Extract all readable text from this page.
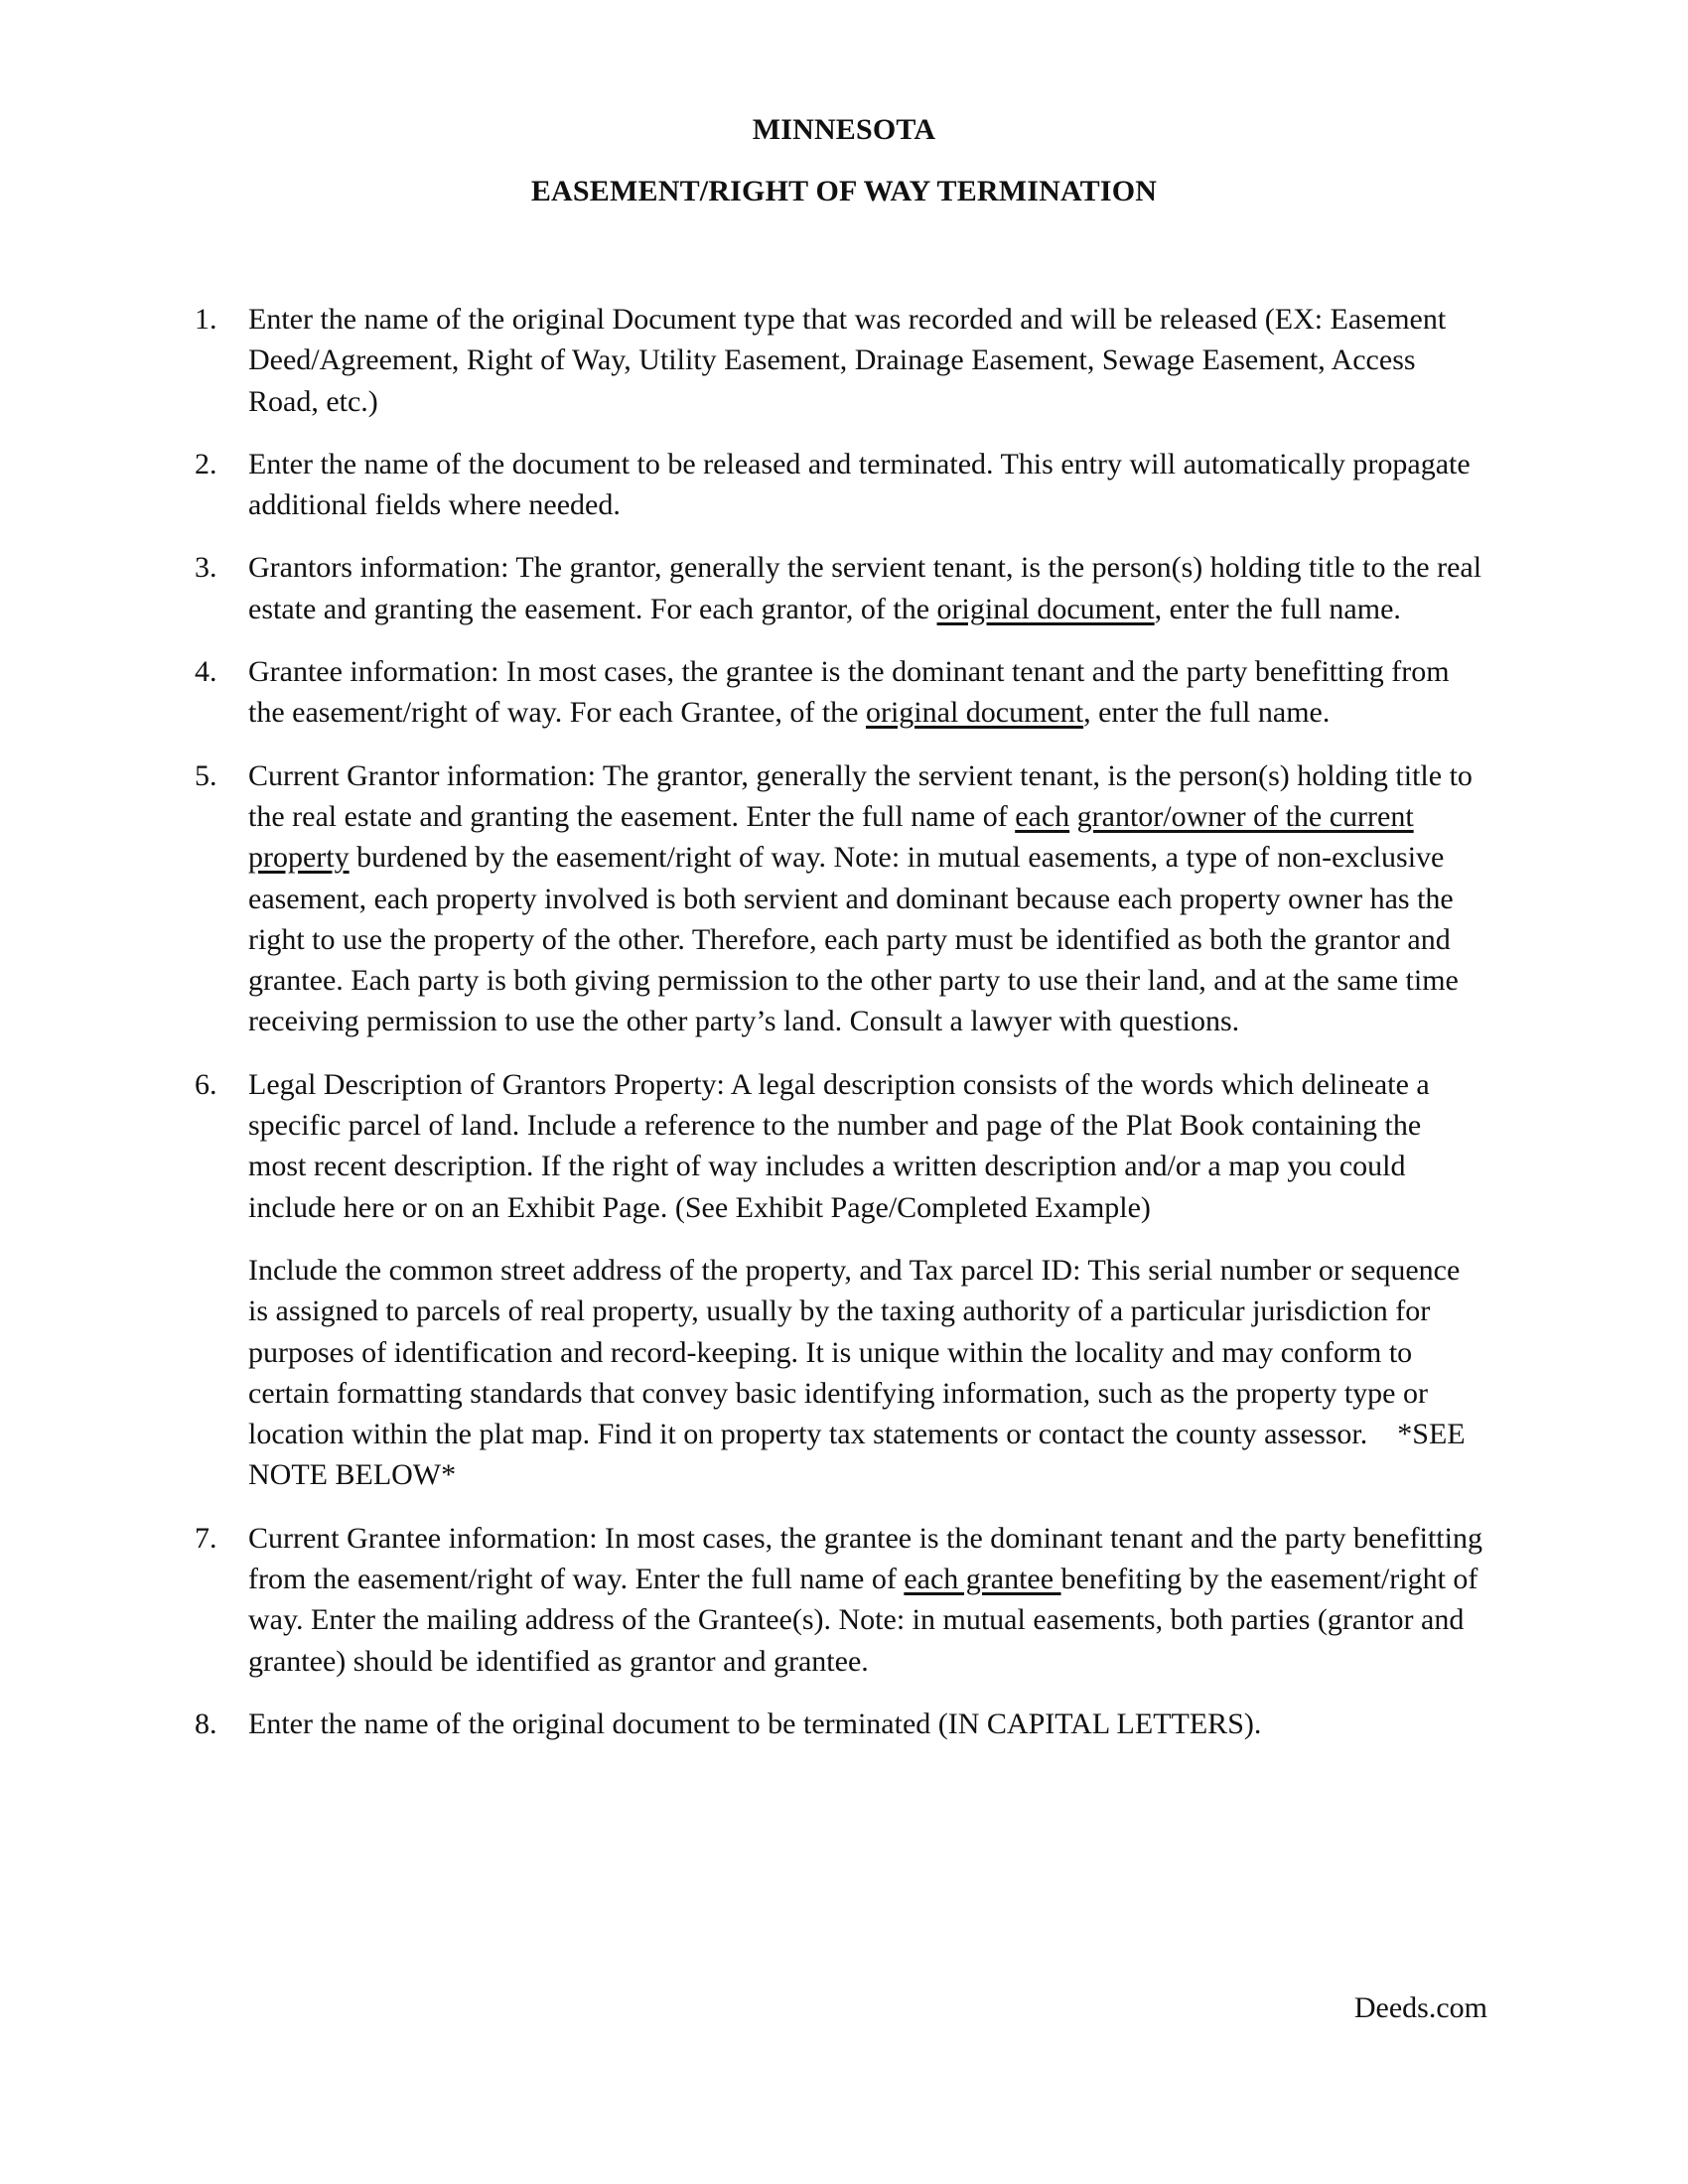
MINNESOTA
EASEMENT/RIGHT OF WAY TERMINATION
1. Enter the name of the original Document type that was recorded and will be released (EX: Easement Deed/Agreement, Right of Way, Utility Easement, Drainage Easement, Sewage Easement, Access Road, etc.)
2. Enter the name of the document to be released and terminated. This entry will automatically propagate additional fields where needed.
3. Grantors information: The grantor, generally the servient tenant, is the person(s) holding title to the real estate and granting the easement. For each grantor, of the original document, enter the full name.
4. Grantee information: In most cases, the grantee is the dominant tenant and the party benefitting from the easement/right of way. For each Grantee, of the original document, enter the full name.
5. Current Grantor information: The grantor, generally the servient tenant, is the person(s) holding title to the real estate and granting the easement. Enter the full name of each grantor/owner of the current property burdened by the easement/right of way. Note: in mutual easements, a type of non-exclusive easement, each property involved is both servient and dominant because each property owner has the right to use the property of the other. Therefore, each party must be identified as both the grantor and grantee. Each party is both giving permission to the other party to use their land, and at the same time receiving permission to use the other party’s land. Consult a lawyer with questions.
6. Legal Description of Grantors Property: A legal description consists of the words which delineate a specific parcel of land. Include a reference to the number and page of the Plat Book containing the most recent description. If the right of way includes a written description and/or a map you could include here or on an Exhibit Page. (See Exhibit Page/Completed Example)
Include the common street address of the property, and Tax parcel ID: This serial number or sequence is assigned to parcels of real property, usually by the taxing authority of a particular jurisdiction for purposes of identification and record-keeping. It is unique within the locality and may conform to certain formatting standards that convey basic identifying information, such as the property type or location within the plat map. Find it on property tax statements or contact the county assessor.    *SEE NOTE BELOW*
7. Current Grantee information: In most cases, the grantee is the dominant tenant and the party benefitting from the easement/right of way. Enter the full name of each grantee benefiting by the easement/right of way. Enter the mailing address of the Grantee(s). Note: in mutual easements, both parties (grantor and grantee) should be identified as grantor and grantee.
8. Enter the name of the original document to be terminated (IN CAPITAL LETTERS).
Deeds.com
